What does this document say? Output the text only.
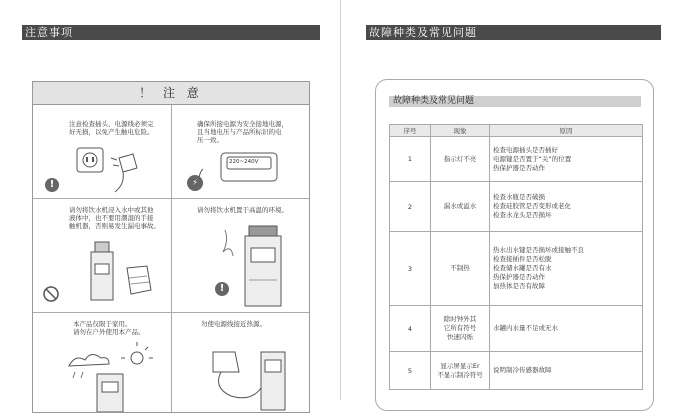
注意事项	故障种类及常见问题
！ 注 意
注意检查插头、电源线必须完
好无损，以免产生触电危险。
!
确保所接电源为安全接地电源，
且当地电压与产品所标识的电
压一致。
220~240V
⚡
请勿将饮水机浸入水中或其他
液体中，也不要用潮湿的手接
触机器，否则易发生漏电事故。
请勿将饮水机置于高温的环境。
!
本产品仅限于家用。
请勿在户外使用本产品。
勿使电源线接近热源。
故障种类及常见问题
序号	现象	原因
1	指示灯不亮	检查电源插头是否插好
电源键是否置于“关”的位置
热保护器是否动作

2	漏水或溢水	检查水瓶是否破损
检查硅胶管是否变形或老化
检查水龙头是否损坏

3	不制热	热水出水键是否损坏或接触不良
检查接插件是否松脱
检查储水罐是否有水
热保护器是否动作
加热体是否有故障

4	除时钟外其
它所有符号
快速闪烁	水罐内水量不足或无水

5	显示屏显示Er
不显示制冷符号	说明制冷传感器故障
